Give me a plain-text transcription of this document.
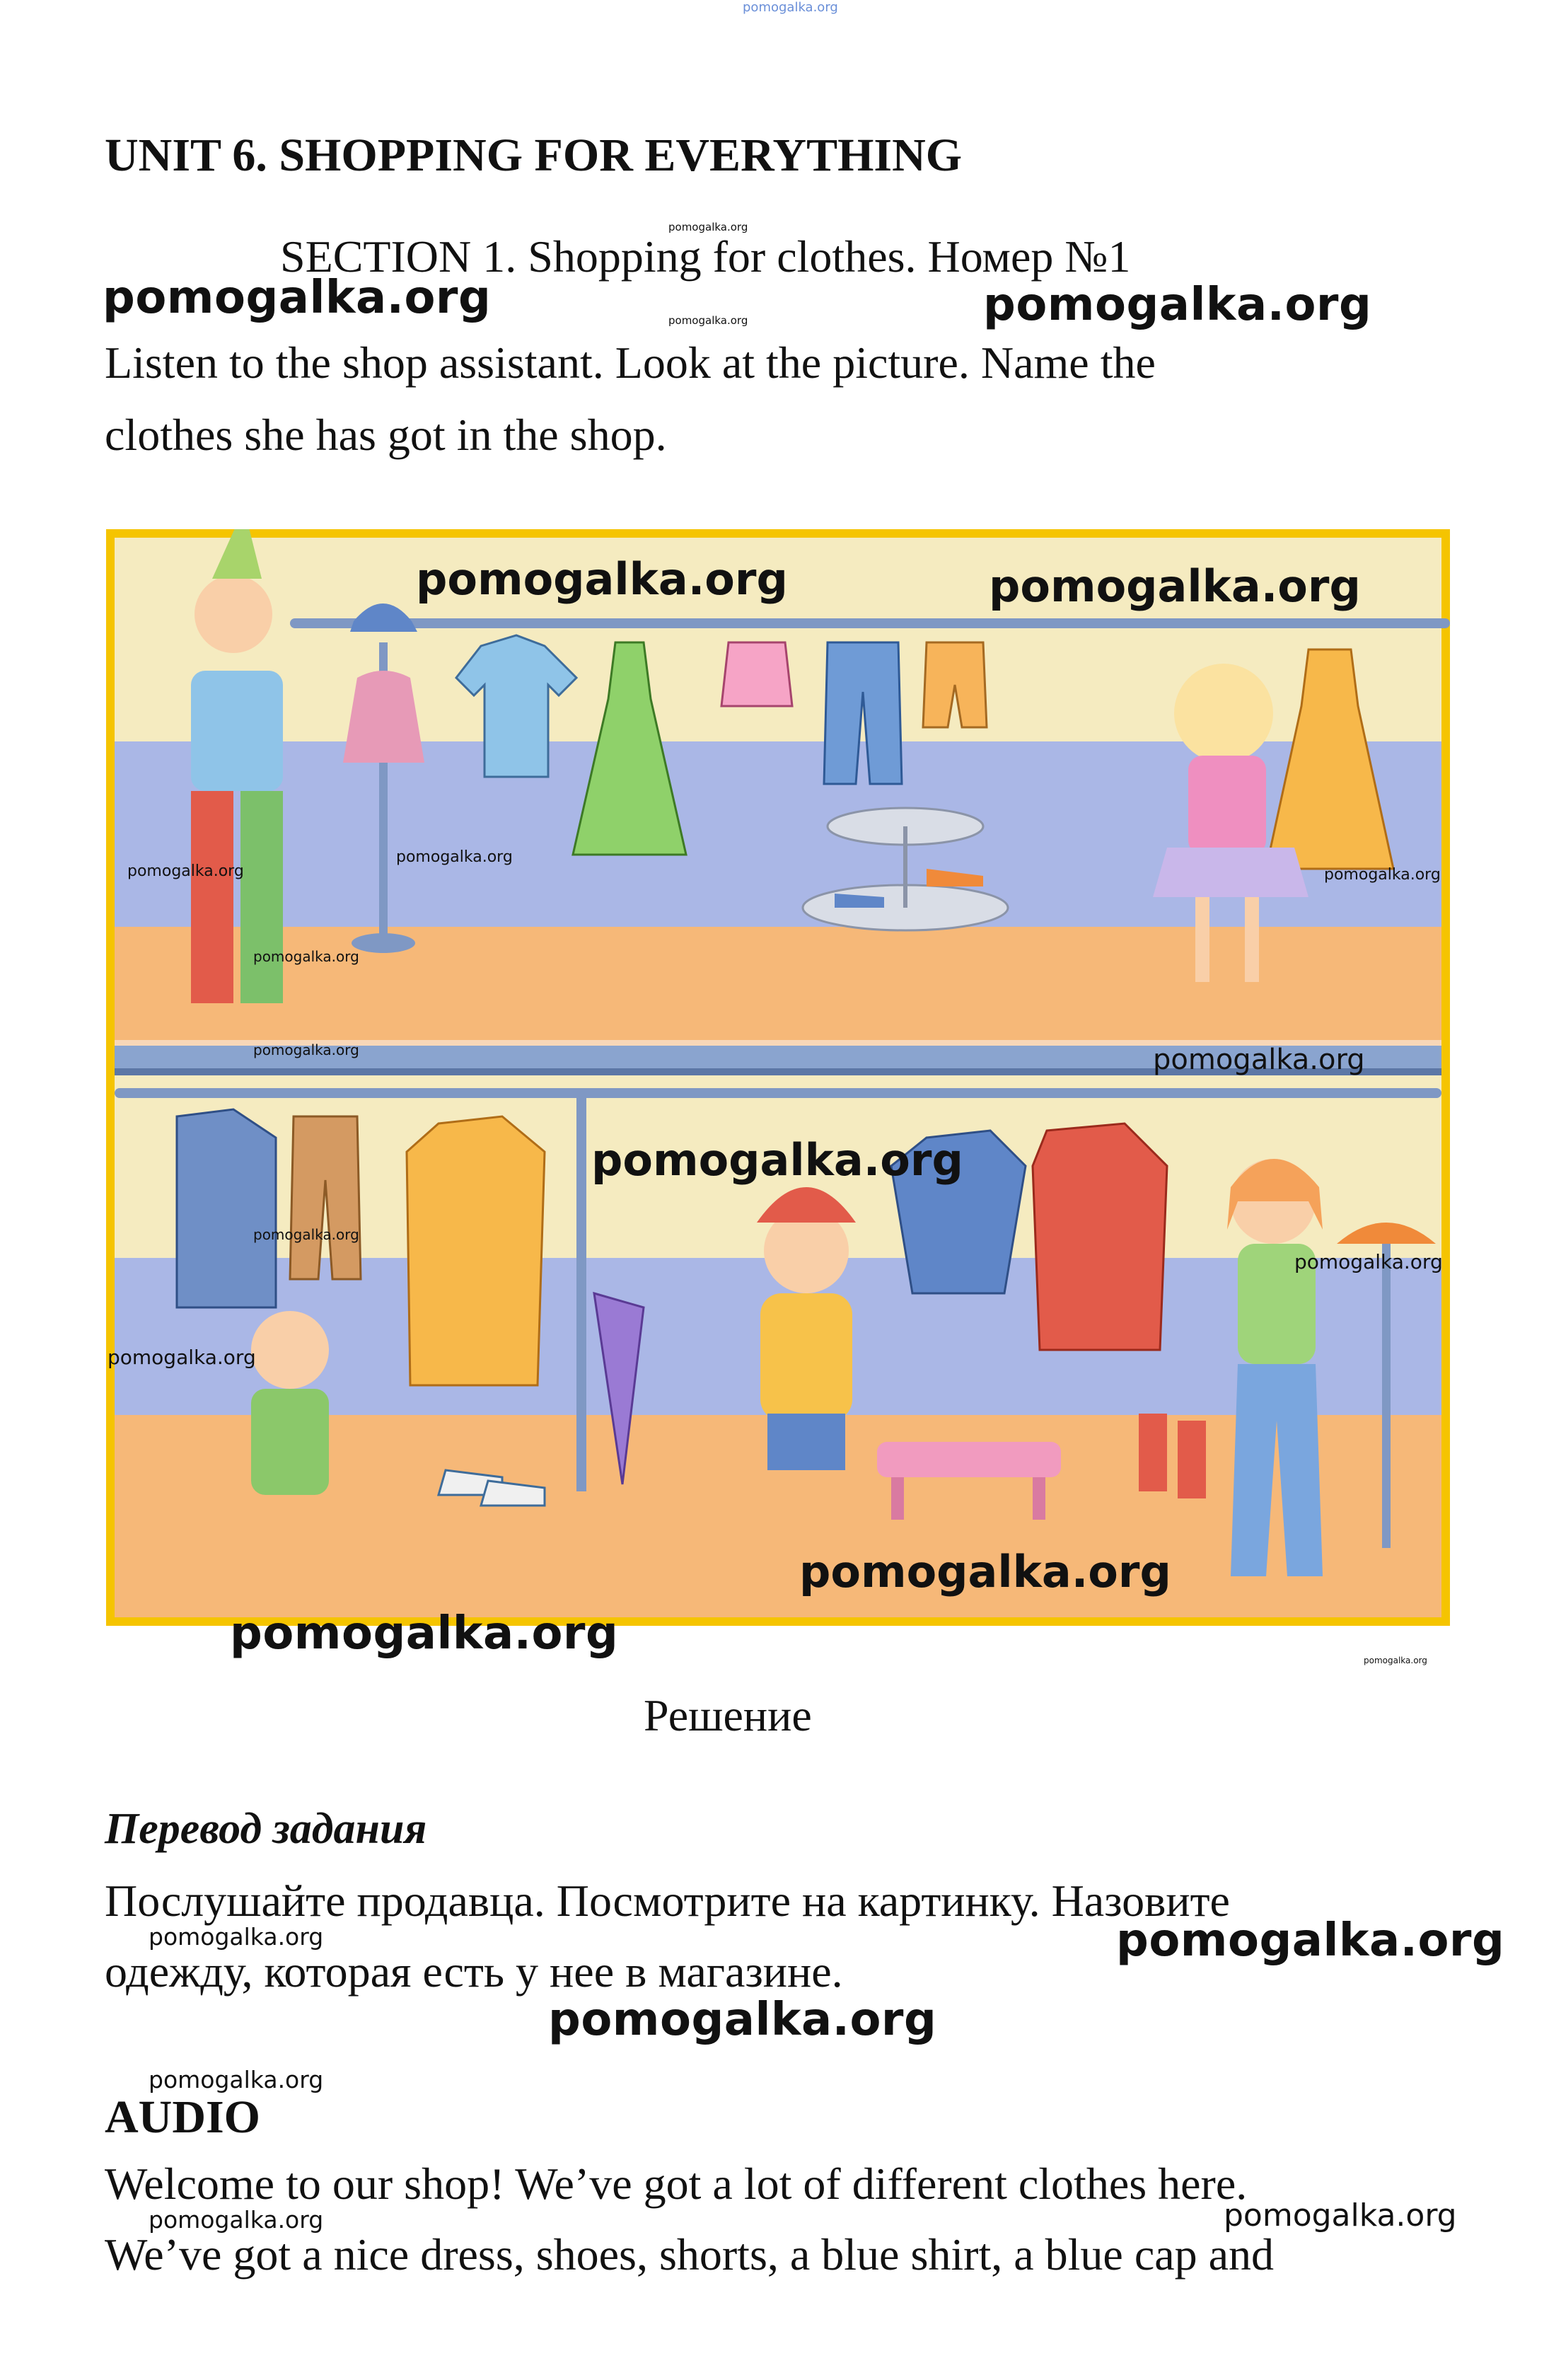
pomogalka.org
UNIT 6. SHOPPING FOR EVERYTHING
pomogalka.org
SECTION 1. Shopping for clothes. Номер №1
pomogalka.org	pomogalka.org	pomogalka.org
Listen to the shop assistant. Look at the picture. Name the
clothes she has got in the shop.
pomogalka.org	pomogalka.org
pomogalka.org
pomogalka.org
pomogalka.org
pomogalka.org
pomogalka.org
pomogalka.org
pomogalka.org	pomogalka.org
pomogalka.org
pomogalka.org
pomogalka.org
pomogalka.org
pomogalka.org
Решение
Перевод задания
Послушайте продавца. Посмотрите на картинку. Назовите
pomogalka.org	pomogalka.org
одежду, которая есть у нее в магазине.
pomogalka.org
pomogalka.org
AUDIO
Welcome to our shop! We’ve got a lot of different clothes here.
pomogalka.org	pomogalka.org
We’ve got a nice dress, shoes, shorts, a blue shirt, a blue cap and
